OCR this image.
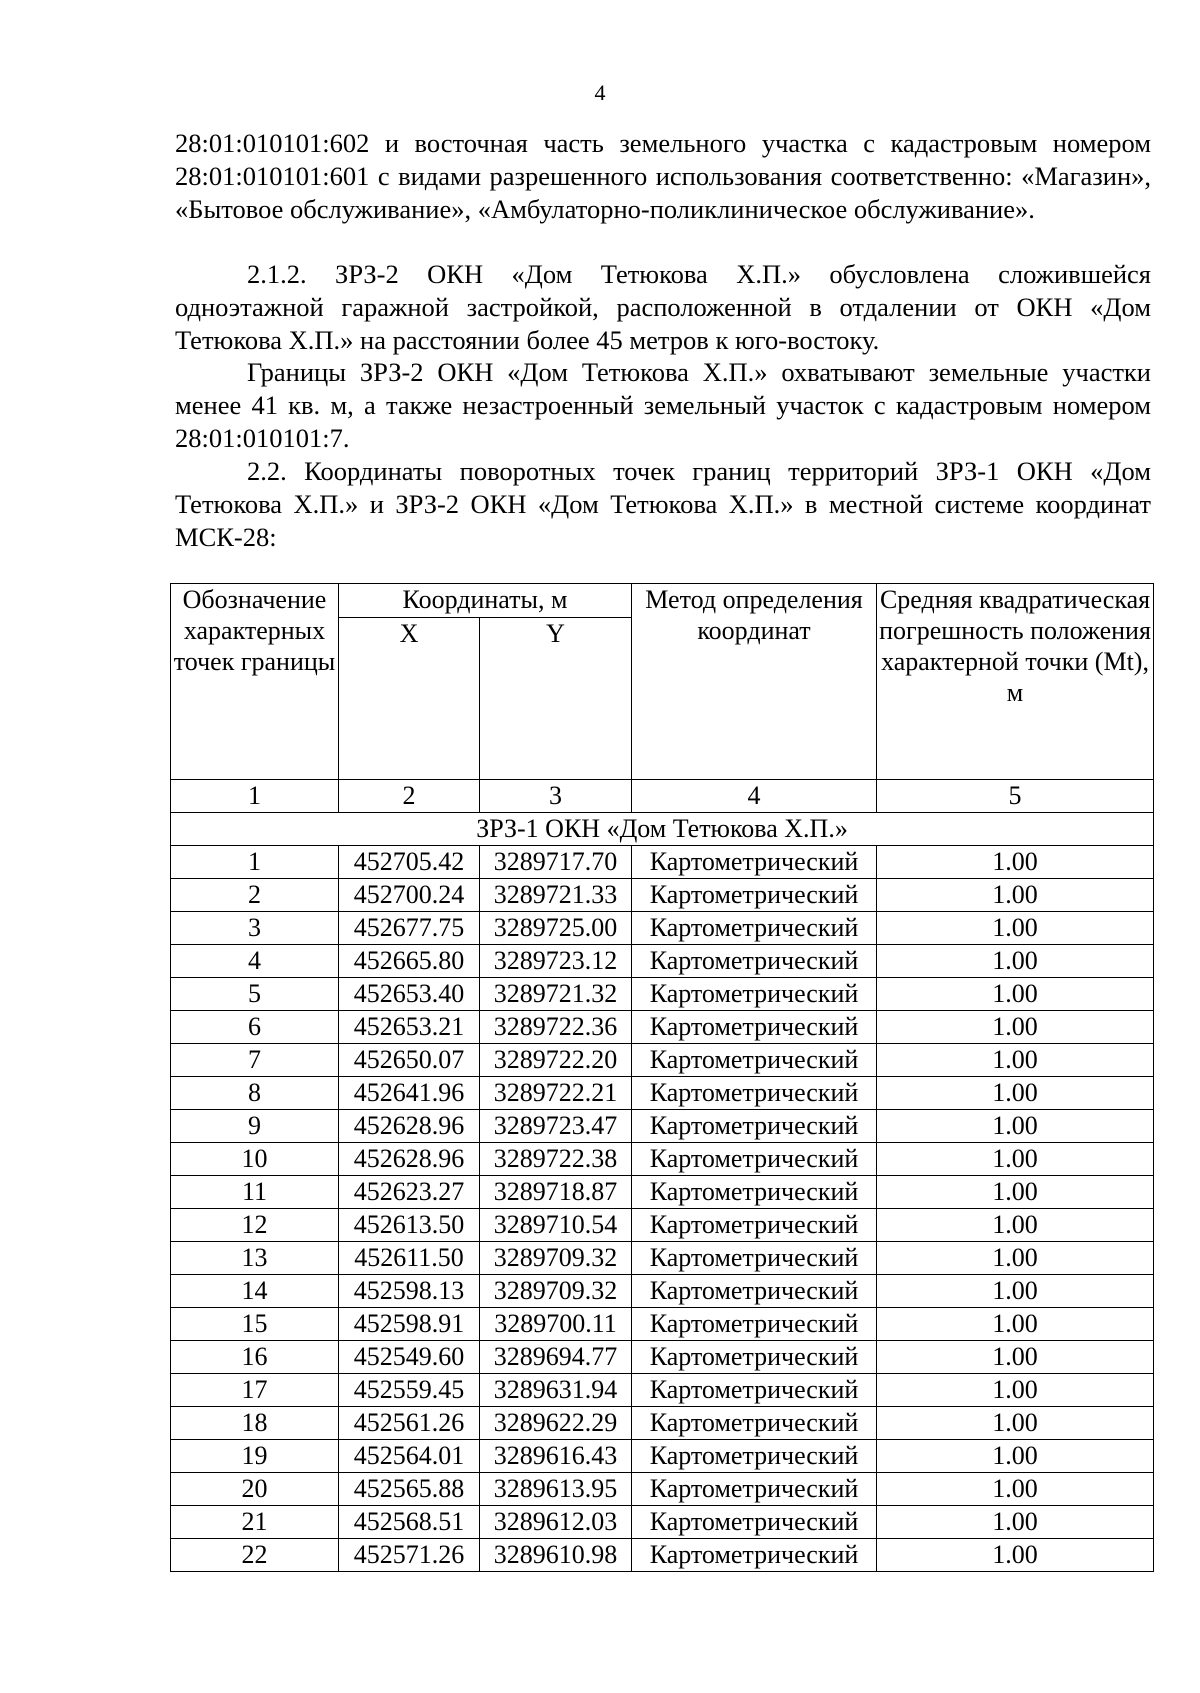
4

28:01:010101:602 и восточная часть земельного участка с кадастровым номером 28:01:010101:601 с видами разрешенного использования соответственно: «Магазин», «Бытовое обслуживание», «Амбулаторно-поликлиническое обслуживание».

2.1.2. ЗРЗ-2 ОКН «Дом Тетюкова Х.П.» обусловлена сложившейся одноэтажной гаражной застройкой, расположенной в отдалении от ОКН «Дом Тетюкова Х.П.» на расстоянии более 45 метров к юго-востоку.

Границы ЗРЗ-2 ОКН «Дом Тетюкова Х.П.» охватывают земельные участки менее 41 кв. м, а также незастроенный земельный участок с кадастровым номером 28:01:010101:7.

2.2. Координаты поворотных точек границ территорий ЗРЗ-1 ОКН «Дом Тетюкова Х.П.» и ЗРЗ-2 ОКН «Дом Тетюкова Х.П.» в местной системе координат МСК-28:

Обозначение характерных точек границы	Координаты, м		Метод определения координат	Средняя квадратическая погрешность положения характерной точки (Mt), м
	X	Y		
1	2	3	4	5
ЗРЗ-1 ОКН «Дом Тетюкова Х.П.»				
1	452705.42	3289717.70	Картометрический	1.00
2	452700.24	3289721.33	Картометрический	1.00
3	452677.75	3289725.00	Картометрический	1.00
4	452665.80	3289723.12	Картометрический	1.00
5	452653.40	3289721.32	Картометрический	1.00
6	452653.21	3289722.36	Картометрический	1.00
7	452650.07	3289722.20	Картометрический	1.00
8	452641.96	3289722.21	Картометрический	1.00
9	452628.96	3289723.47	Картометрический	1.00
10	452628.96	3289722.38	Картометрический	1.00
11	452623.27	3289718.87	Картометрический	1.00
12	452613.50	3289710.54	Картометрический	1.00
13	452611.50	3289709.32	Картометрический	1.00
14	452598.13	3289709.32	Картометрический	1.00
15	452598.91	3289700.11	Картометрический	1.00
16	452549.60	3289694.77	Картометрический	1.00
17	452559.45	3289631.94	Картометрический	1.00
18	452561.26	3289622.29	Картометрический	1.00
19	452564.01	3289616.43	Картометрический	1.00
20	452565.88	3289613.95	Картометрический	1.00
21	452568.51	3289612.03	Картометрический	1.00
22	452571.26	3289610.98	Картометрический	1.00
